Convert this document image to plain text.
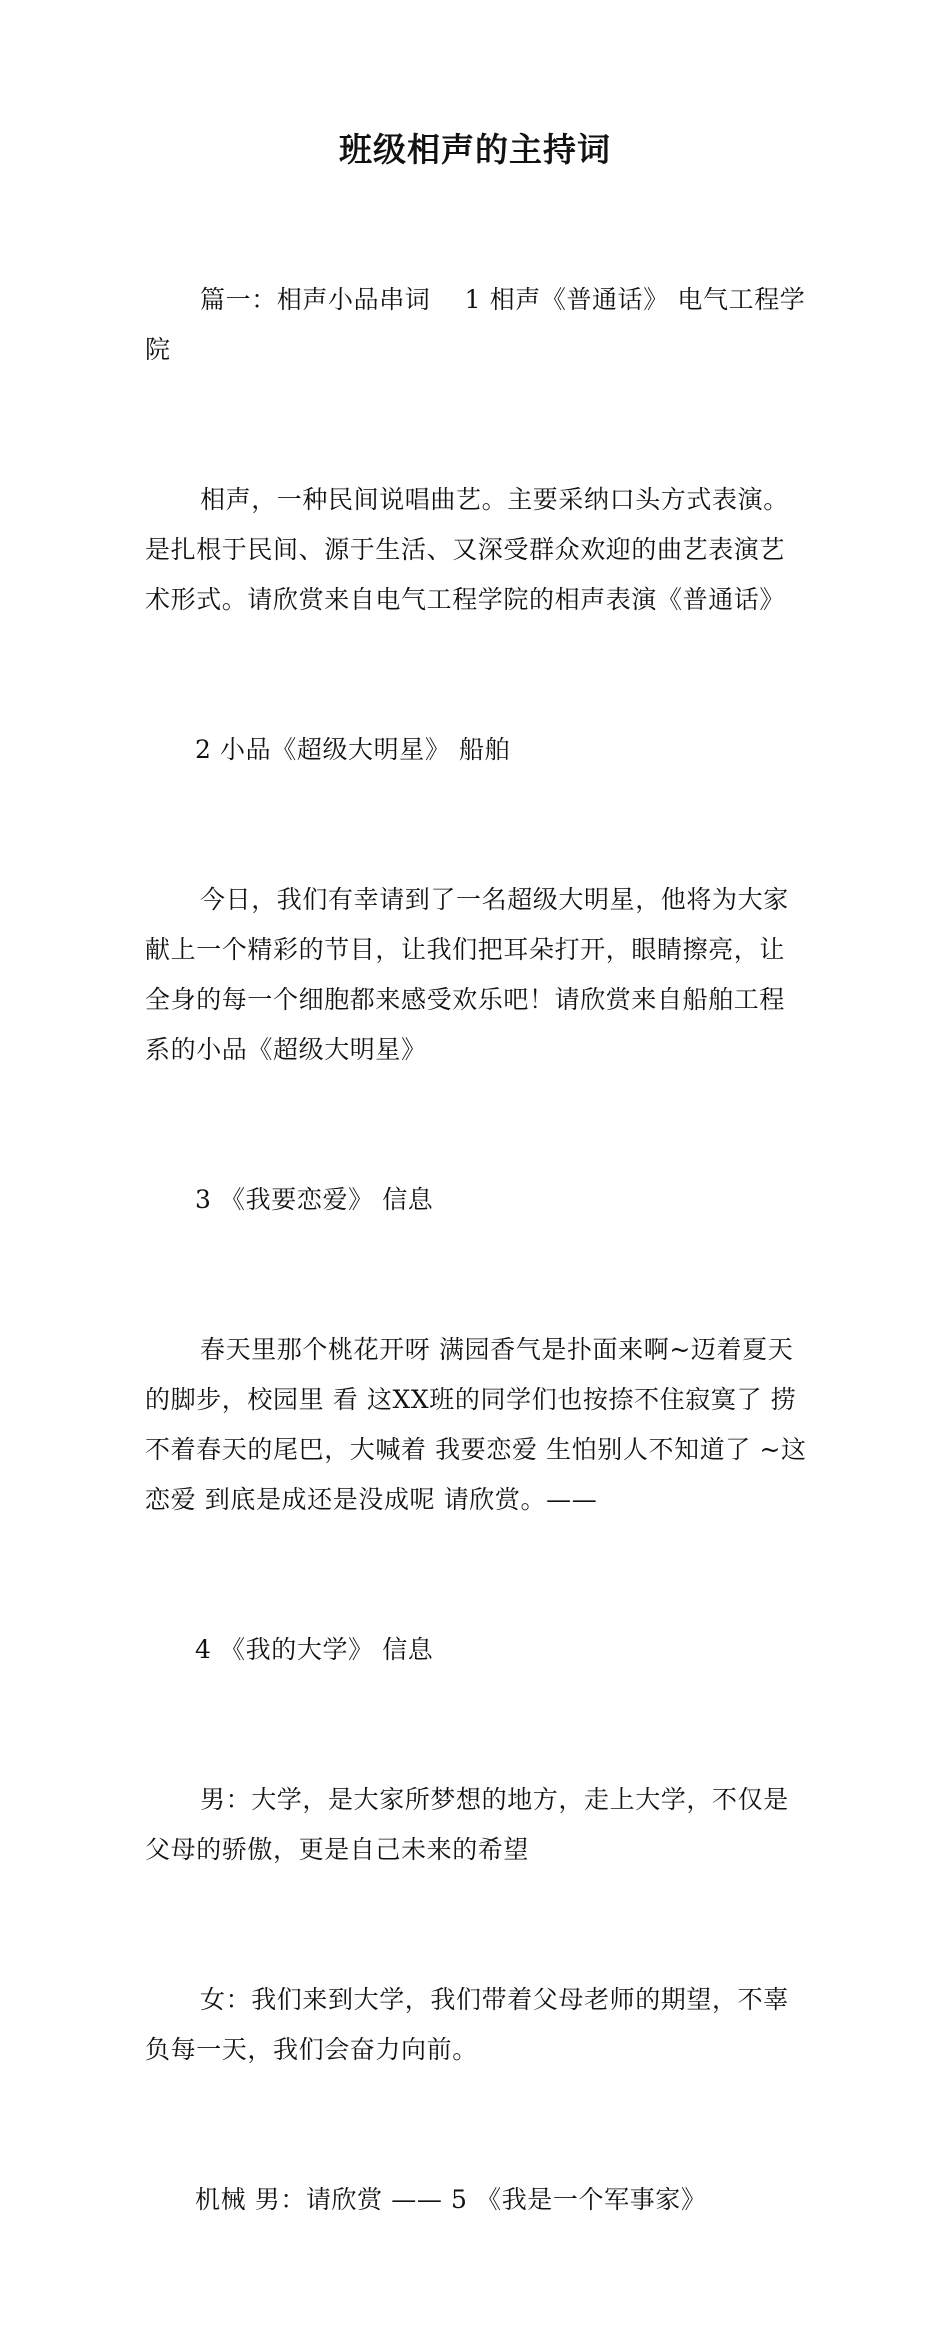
班级相声的主持词

篇一：相声小品串词    1 相声《普通话》 电气工程学院

相声，一种民间说唱曲艺。主要采纳口头方式表演。是扎根于民间、源于生活、又深受群众欢迎的曲艺表演艺术形式。请欣赏来自电气工程学院的相声表演《普通话》

2 小品《超级大明星》 船舶

今日，我们有幸请到了一名超级大明星，他将为大家献上一个精彩的节目，让我们把耳朵打开，眼睛擦亮，让全身的每一个细胞都来感受欢乐吧！请欣赏来自船舶工程系的小品《超级大明星》

3 《我要恋爱》 信息

春天里那个桃花开呀 满园香气是扑面来啊~迈着夏天的脚步，校园里 看 这XX班的同学们也按捺不住寂寞了 捞不着春天的尾巴，大喊着 我要恋爱 生怕别人不知道了 ~这恋爱 到底是成还是没成呢 请欣赏。——

4 《我的大学》 信息

男：大学，是大家所梦想的地方，走上大学，不仅是父母的骄傲，更是自己未来的希望

女：我们来到大学，我们带着父母老师的期望，不辜负每一天，我们会奋力向前。

机械 男：请欣赏 —— 5 《我是一个军事家》
